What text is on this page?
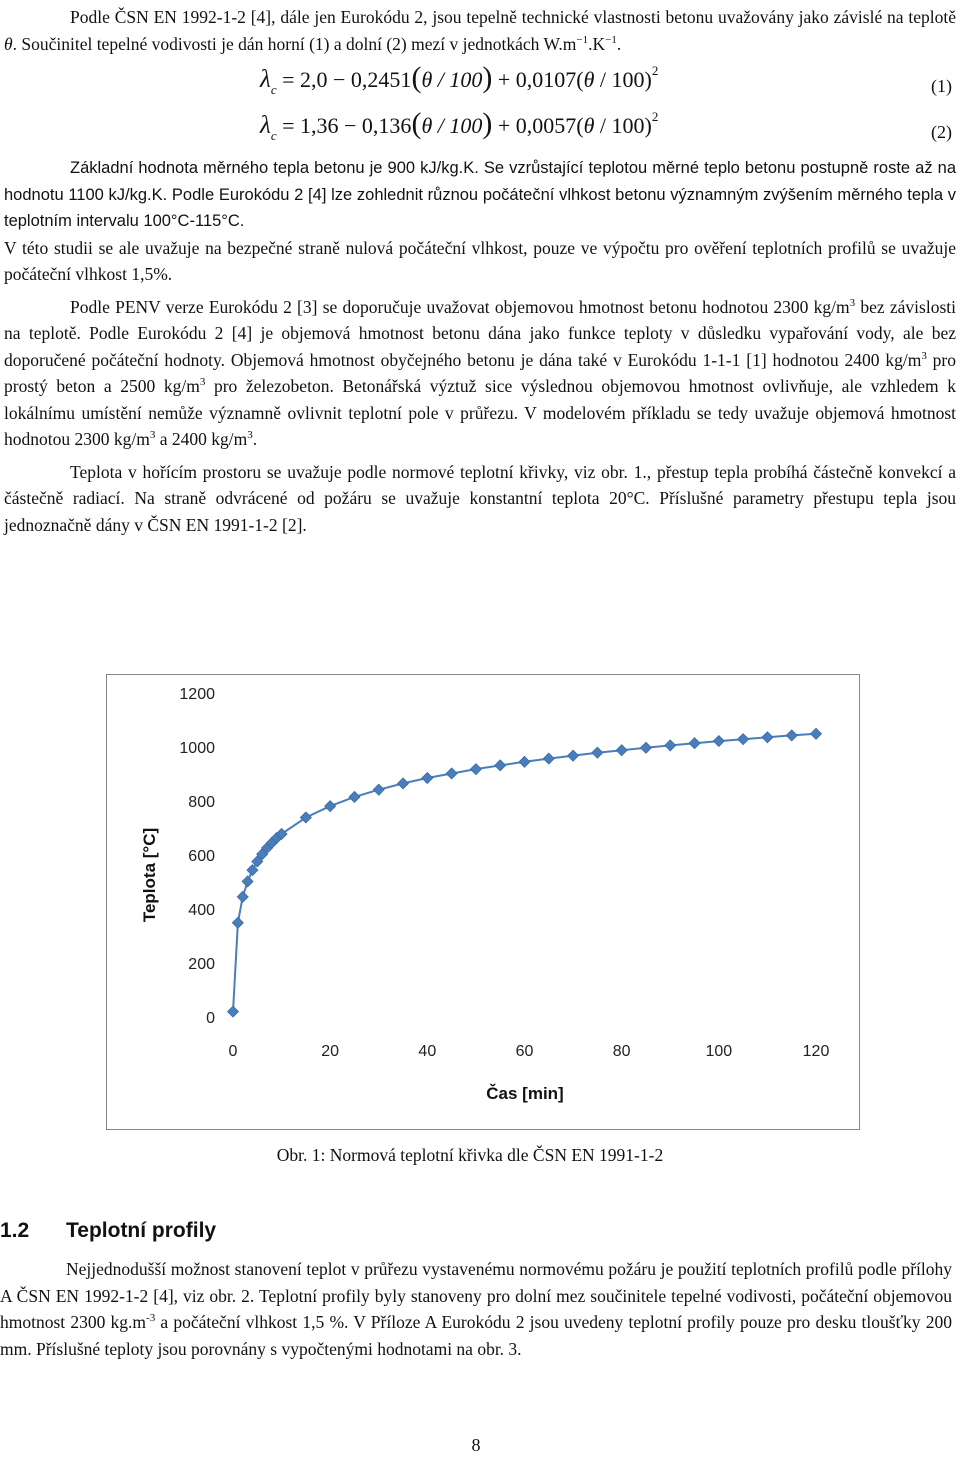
Podle ČSN EN 1992-1-2 [4], dále jen Eurokódu 2, jsou tepelně technické vlastnosti betonu uvažovány jako závislé na teplotě θ. Součinitel tepelné vodivosti je dán horní (1) a dolní (2) mezí v jednotkách $W.m^{-1}.K^{-1}$.

$\lambda_c = 2,0 - 0,2451(\theta / 100) + 0,0107(\theta / 100)^2$
(1)
$\lambda_c = 1,36 - 0,136(\theta / 100) + 0,0057(\theta / 100)^2$
(2)

Základní hodnota měrného tepla betonu je 900 kJ/kg.K. Se vzrůstající teplotou měrné teplo betonu postupně roste až na hodnotu 1100 kJ/kg.K. Podle Eurokódu 2 [4] lze zohlednit různou počáteční vlhkost betonu významným zvýšením měrného tepla v teplotním intervalu 100°C-115°C.

V této studii se ale uvažuje na bezpečné straně nulová počáteční vlhkost, pouze ve výpočtu pro ověření teplotních profilů se uvažuje počáteční vlhkost 1,5%.

Podle PENV verze Eurokódu 2 [3] se doporučuje uvažovat objemovou hmotnost betonu hodnotou 2300 $kg/m^3$ bez závislosti na teplotě. Podle Eurokódu 2 [4] je objemová hmotnost betonu dána jako funkce teploty v důsledku vypařování vody, ale bez doporučené počáteční hodnoty. Objemová hmotnost obyčejného betonu je dána také v Eurokódu 1-1-1 [1] hodnotou 2400 $kg/m^3$ pro prostý beton a 2500 $kg/m^3$ pro železobeton. Betonářská výztuž sice výslednou objemovou hmotnost ovlivňuje, ale vzhledem k lokálnímu umístění nemůže významně ovlivnit teplotní pole v průřezu. V modelovém příkladu se tedy uvažuje objemová hmotnost hodnotou 2300 $kg/m^3$ a 2400 $kg/m^3$.

Teplota v hořícím prostoru se uvažuje podle normové teplotní křivky, viz obr. 1., přestup tepla probíhá částečně konvekcí a částečně radiací. Na straně odvrácené od požáru se uvažuje konstantní teplota 20°C. Příslušné parametry přestupu tepla jsou jednoznačně dány v ČSN EN 1991-1-2 [2].

0
200
400
600
800
1000
1200
0	20	40	60	80	100	120
Teplota [°C]
Čas [min]
Obr. 1: Normová teplotní křivka dle ČSN EN 1991-1-2
1.2 Teplotní profily

Nejjednodušší možnost stanovení teplot v průřezu vystavenému normovému požáru je použití teplotních profilů podle přílohy A ČSN EN 1992-1-2 [4], viz obr. 2. Teplotní profily byly stanoveny pro dolní mez součinitele tepelné vodivosti, počáteční objemovou hmotnost 2300 $kg.m^{-3}$ a počáteční vlhkost 1,5 %. V Příloze A Eurokódu 2 jsou uvedeny teplotní profily pouze pro desku tloušťky 200 mm. Příslušné teploty jsou porovnány s vypočtenými hodnotami na obr. 3.

8
